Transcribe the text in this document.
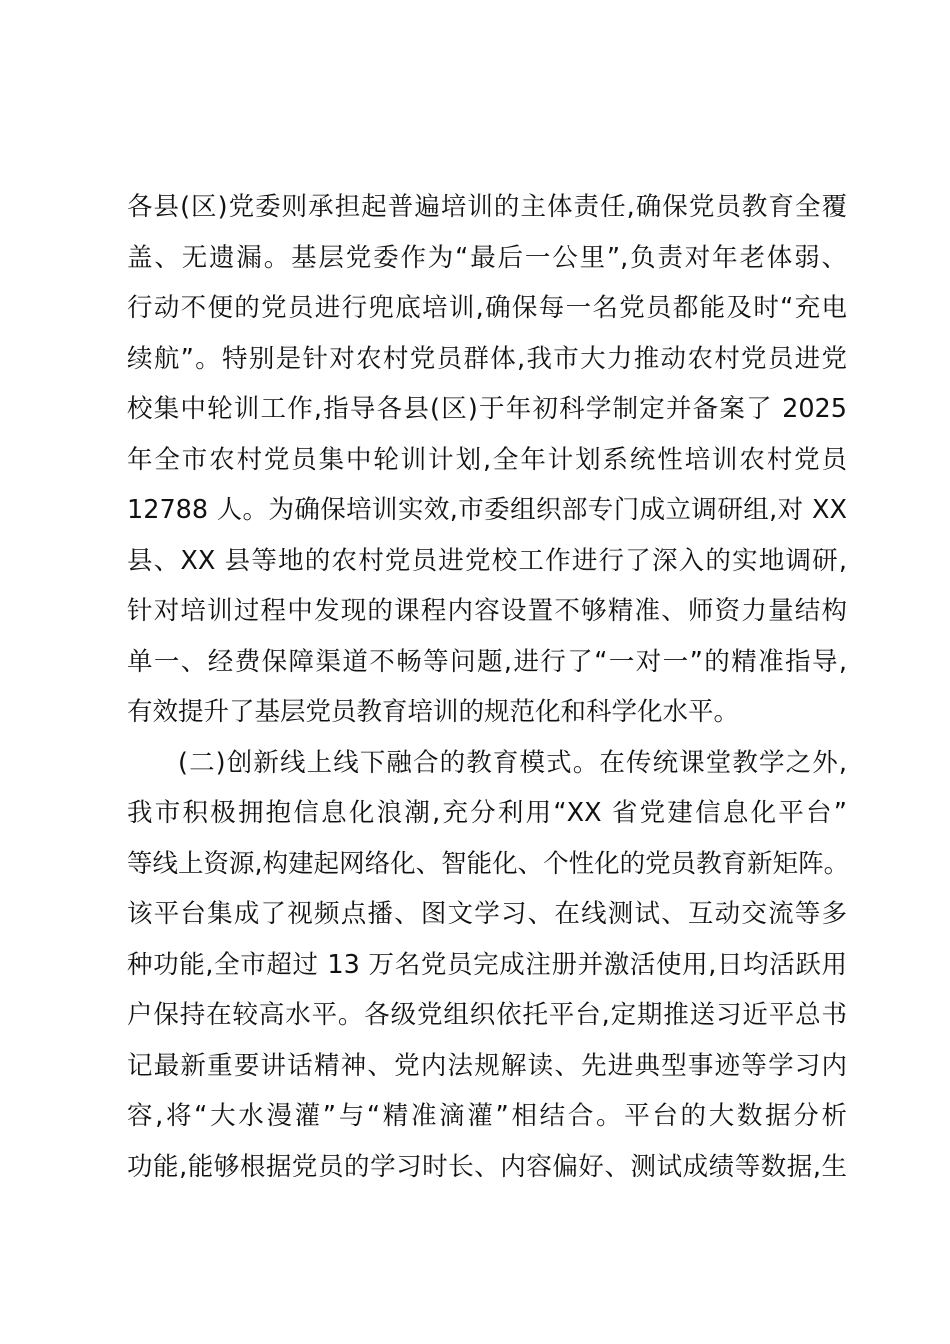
各县(区)党委则承担起普遍培训的主体责任,确保党员教育全覆
盖、无遗漏。基层党委作为“最后一公里”,负责对年老体弱、
行动不便的党员进行兜底培训,确保每一名党员都能及时“充电
续航”。特别是针对农村党员群体,我市大力推动农村党员进党
校集中轮训工作,指导各县(区)于年初科学制定并备案了 2025
年全市农村党员集中轮训计划,全年计划系统性培训农村党员
12788 人。为确保培训实效,市委组织部专门成立调研组,对 XX
县、XX 县等地的农村党员进党校工作进行了深入的实地调研,
针对培训过程中发现的课程内容设置不够精准、师资力量结构
单一、经费保障渠道不畅等问题,进行了“一对一”的精准指导,
有效提升了基层党员教育培训的规范化和科学化水平。
(二)创新线上线下融合的教育模式。在传统课堂教学之外,
我市积极拥抱信息化浪潮,充分利用“XX 省党建信息化平台”
等线上资源,构建起网络化、智能化、个性化的党员教育新矩阵。
该平台集成了视频点播、图文学习、在线测试、互动交流等多
种功能,全市超过 13 万名党员完成注册并激活使用,日均活跃用
户保持在较高水平。各级党组织依托平台,定期推送习近平总书
记最新重要讲话精神、党内法规解读、先进典型事迹等学习内
容,将“大水漫灌”与“精准滴灌”相结合。平台的大数据分析
功能,能够根据党员的学习时长、内容偏好、测试成绩等数据,生
